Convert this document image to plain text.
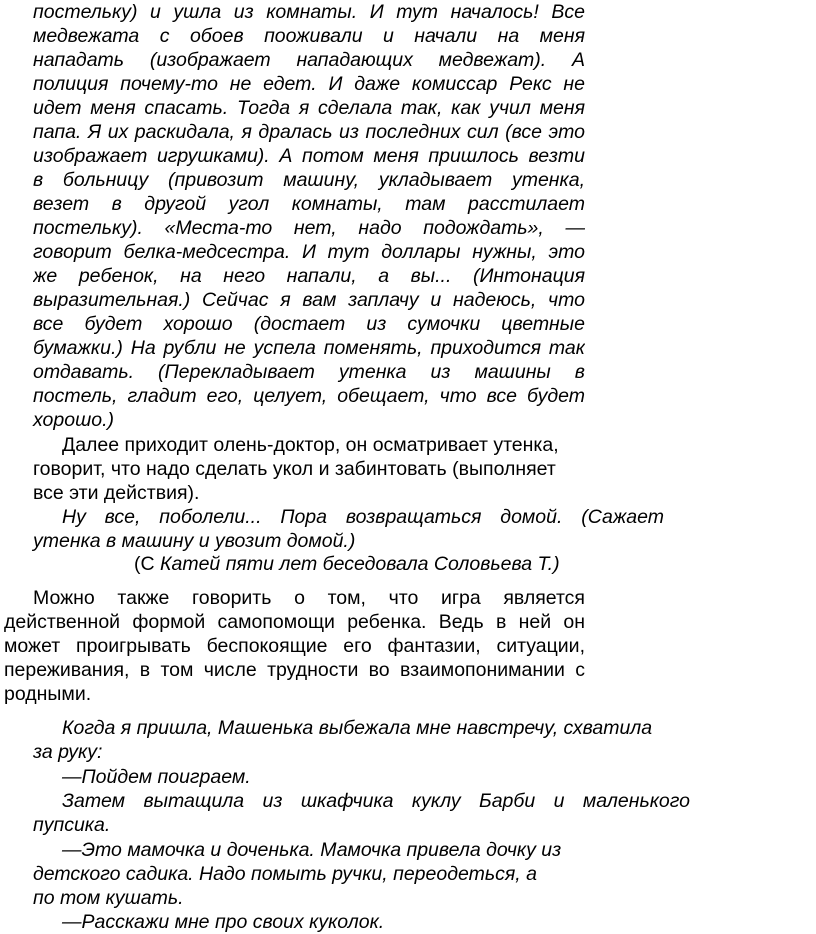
постельку) и ушла из комнаты. И тут началось! Все
медвежата с обоев пооживали и начали на меня
нападать (изображает нападающих медвежат). А
полиция почему-то не едет. И даже комиссар Рекс не
идет меня спасать. Тогда я сделала так, как учил меня
папа. Я их раскидала, я дралась из последних сил (все это
изображает игрушками). А потом меня пришлось везти
в больницу (привозит машину, укладывает утенка,
везет в другой угол комнаты, там расстилает
постельку). «Места-то нет, надо подождать», —
говорит белка-медсестра. И тут доллары нужны, это
же ребенок, на него напали, а вы... (Интонация
выразительная.) Сейчас я вам заплачу и надеюсь, что
все будет хорошо (достает из сумочки цветные
бумажки.) На рубли не успела поменять, приходится так
отдавать. (Перекладывает утенка из машины в
постель, гладит его, целует, обещает, что все будет
хорошо.)
Далее приходит олень-доктор, он осматривает утенка,
говорит, что надо сделать укол и забинтовать (выполняет
все эти действия).
Ну все, поболели... Пора возвращаться домой. (Сажает
утенка в машину и увозит домой.)
(С Катей пяти лет беседовала Соловьева Т.)
Можно также говорить о том, что игра является
действенной формой самопомощи ребенка. Ведь в ней он
может проигрывать беспокоящие его фантазии, ситуации,
переживания, в том числе трудности во взаимопонимании с
родными.
Когда я пришла, Машенька выбежала мне навстречу, схватила
за руку:
—Пойдем поиграем.
Затем вытащила из шкафчика куклу Барби и маленького
пупсика.
—Это мамочка и доченька. Мамочка привела дочку из
детского садика. Надо помыть ручки, переодеться, а
по том кушать.
—Расскажи мне про своих куколок.
